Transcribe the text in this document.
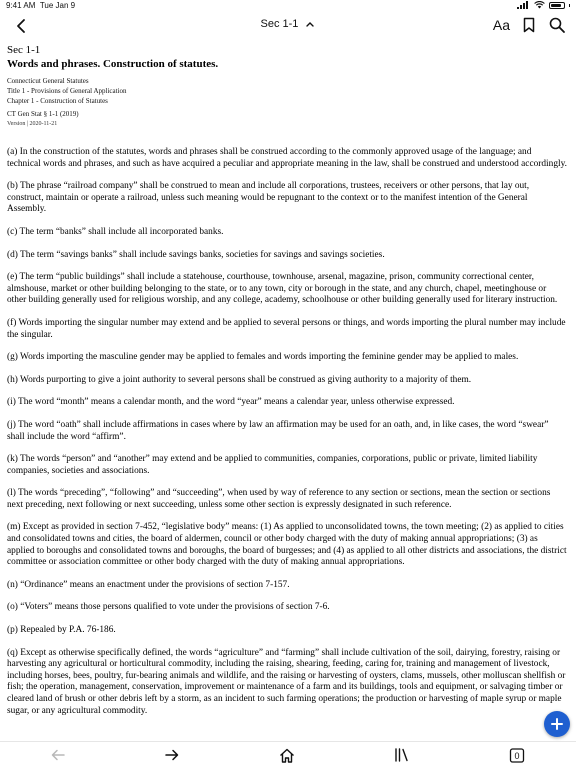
9:41 AM Tue Jan 9
Sec 1-1	Aa
Sec 1-1
Words and phrases. Construction of statutes.
Connecticut General Statutes
Title 1 - Provisions of General Application
Chapter 1 - Construction of Statutes
CT Gen Stat § 1-1 (2019)
Version | 2020-11-21

(a) In the construction of the statutes, words and phrases shall be construed according to the commonly approved usage of the language; and technical words and phrases, and such as have acquired a peculiar and appropriate meaning in the law, shall be construed and understood accordingly.

(b) The phrase “railroad company” shall be construed to mean and include all corporations, trustees, receivers or other persons, that lay out, construct, maintain or operate a railroad, unless such meaning would be repugnant to the context or to the manifest intention of the General Assembly.

(c) The term “banks” shall include all incorporated banks.

(d) The term “savings banks” shall include savings banks, societies for savings and savings societies.

(e) The term “public buildings” shall include a statehouse, courthouse, townhouse, arsenal, magazine, prison, community correctional center, almshouse, market or other building belonging to the state, or to any town, city or borough in the state, and any church, chapel, meetinghouse or other building generally used for religious worship, and any college, academy, schoolhouse or other building generally used for literary instruction.

(f) Words importing the singular number may extend and be applied to several persons or things, and words importing the plural number may include the singular.

(g) Words importing the masculine gender may be applied to females and words importing the feminine gender may be applied to males.

(h) Words purporting to give a joint authority to several persons shall be construed as giving authority to a majority of them.

(i) The word “month” means a calendar month, and the word “year” means a calendar year, unless otherwise expressed.

(j) The word “oath” shall include affirmations in cases where by law an affirmation may be used for an oath, and, in like cases, the word “swear” shall include the word “affirm”.

(k) The words “person” and “another” may extend and be applied to communities, companies, corporations, public or private, limited liability companies, societies and associations.

(l) The words “preceding”, “following” and “succeeding”, when used by way of reference to any section or sections, mean the section or sections next preceding, next following or next succeeding, unless some other section is expressly designated in such reference.

(m) Except as provided in section 7-452, “legislative body” means: (1) As applied to unconsolidated towns, the town meeting; (2) as applied to cities and consolidated towns and cities, the board of aldermen, council or other body charged with the duty of making annual appropriations; (3) as applied to boroughs and consolidated towns and boroughs, the board of burgesses; and (4) as applied to all other districts and associations, the district committee or association committee or other body charged with the duty of making annual appropriations.

(n) “Ordinance” means an enactment under the provisions of section 7-157.

(o) “Voters” means those persons qualified to vote under the provisions of section 7-6.

(p) Repealed by P.A. 76-186.

(q) Except as otherwise specifically defined, the words “agriculture” and “farming” shall include cultivation of the soil, dairying, forestry, raising or harvesting any agricultural or horticultural commodity, including the raising, shearing, feeding, caring for, training and management of livestock, including horses, bees, poultry, fur-bearing animals and wildlife, and the raising or harvesting of oysters, clams, mussels, other molluscan shellfish or fish; the operation, management, conservation, improvement or maintenance of a farm and its buildings, tools and equipment, or salvaging timber or cleared land of brush or other debris left by a storm, as an incident to such farming operations; the production or harvesting of maple syrup or maple sugar, or any agricultural commodity.

0
